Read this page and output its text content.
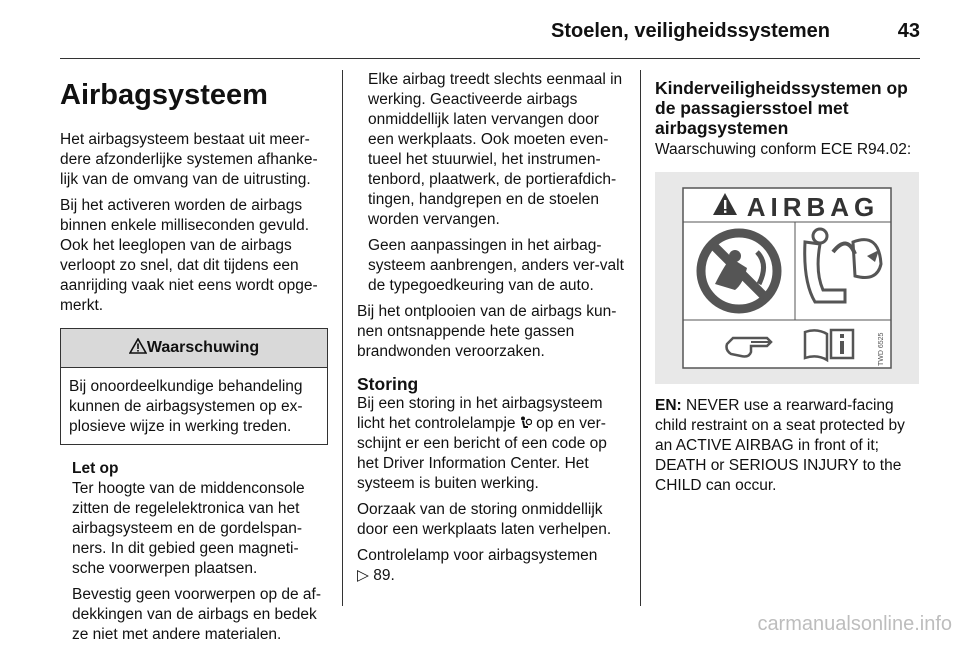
Stoelen, veiligheidssystemen	43
Airbagsysteem

Het airbagsysteem bestaat uit meer-dere afzonderlijke systemen afhanke-lijk van de omvang van de uitrusting.

Bij het activeren worden de airbags binnen enkele milliseconden gevuld. Ook het leeglopen van de airbags verloopt zo snel, dat dit tijdens een aanrijding vaak niet eens wordt opge-merkt.

Waarschuwing
Bij onoordeelkundige behandeling kunnen de airbagsystemen op ex-plosieve wijze in werking treden.

Let op

Ter hoogte van de middenconsole zitten de regelelektronica van het airbagsysteem en de gordelspan-ners. In dit gebied geen magneti-sche voorwerpen plaatsen.

Bevestig geen voorwerpen op de af-dekkingen van de airbags en bedek ze niet met andere materialen.

Elke airbag treedt slechts eenmaal in werking. Geactiveerde airbags onmiddellijk laten vervangen door een werkplaats. Ook moeten even-tueel het stuurwiel, het instrumen-tenbord, plaatwerk, de portierafdich-tingen, handgrepen en de stoelen worden vervangen.

Geen aanpassingen in het airbag-systeem aanbrengen, anders ver-valt de typegoedkeuring van de auto.

Bij het ontplooien van de airbags kun-nen ontsnappende hete gassen brandwonden veroorzaken.

Storing

Bij een storing in het airbagsysteem licht het controlelampje op en ver-schijnt er een bericht of een code op het Driver Information Center. Het systeem is buiten werking.

Oorzaak van de storing onmiddellijk door een werkplaats laten verhelpen.

Controlelamp voor airbagsystemen
▷ 89.

Kinderveiligheidssystemen op de passagiersstoel met airbagsystemen

Waarschuwing conform ECE R94.02:

AIRBAG
TWD 6525

EN: NEVER use a rearward-facing child restraint on a seat protected by an ACTIVE AIRBAG in front of it; DEATH or SERIOUS INJURY to the CHILD can occur.

carmanualsonline.info
